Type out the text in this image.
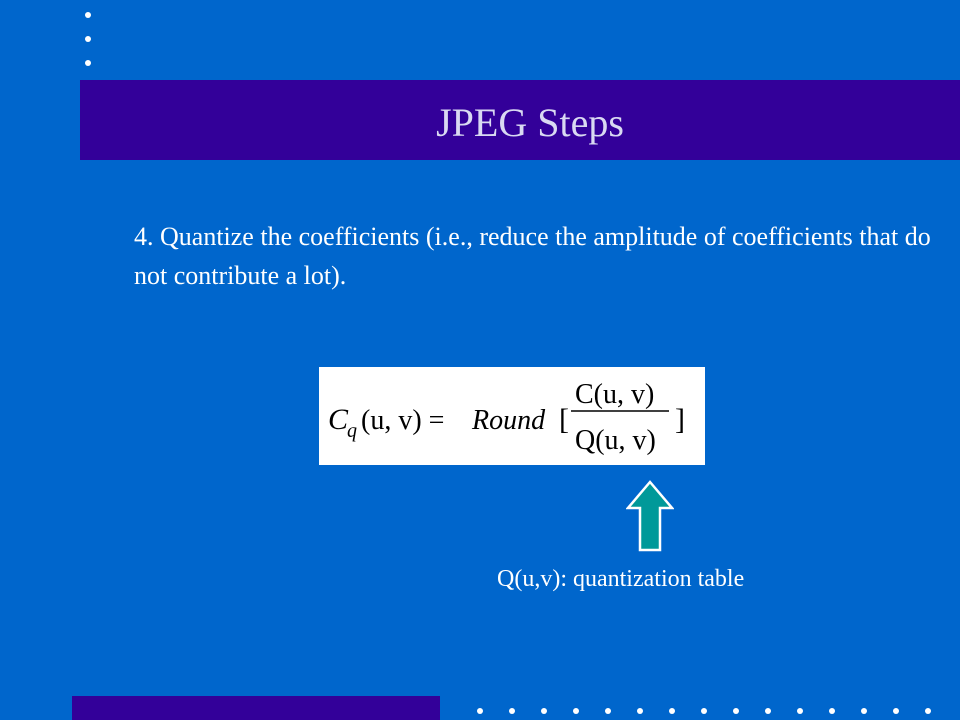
JPEG Steps
4. Quantize the coefficients (i.e., reduce the amplitude of coefficients that do not contribute a lot).
C
q (u, v) = Round [
C(u, v)
Q(u, v)
]
Q(u,v): quantization table
